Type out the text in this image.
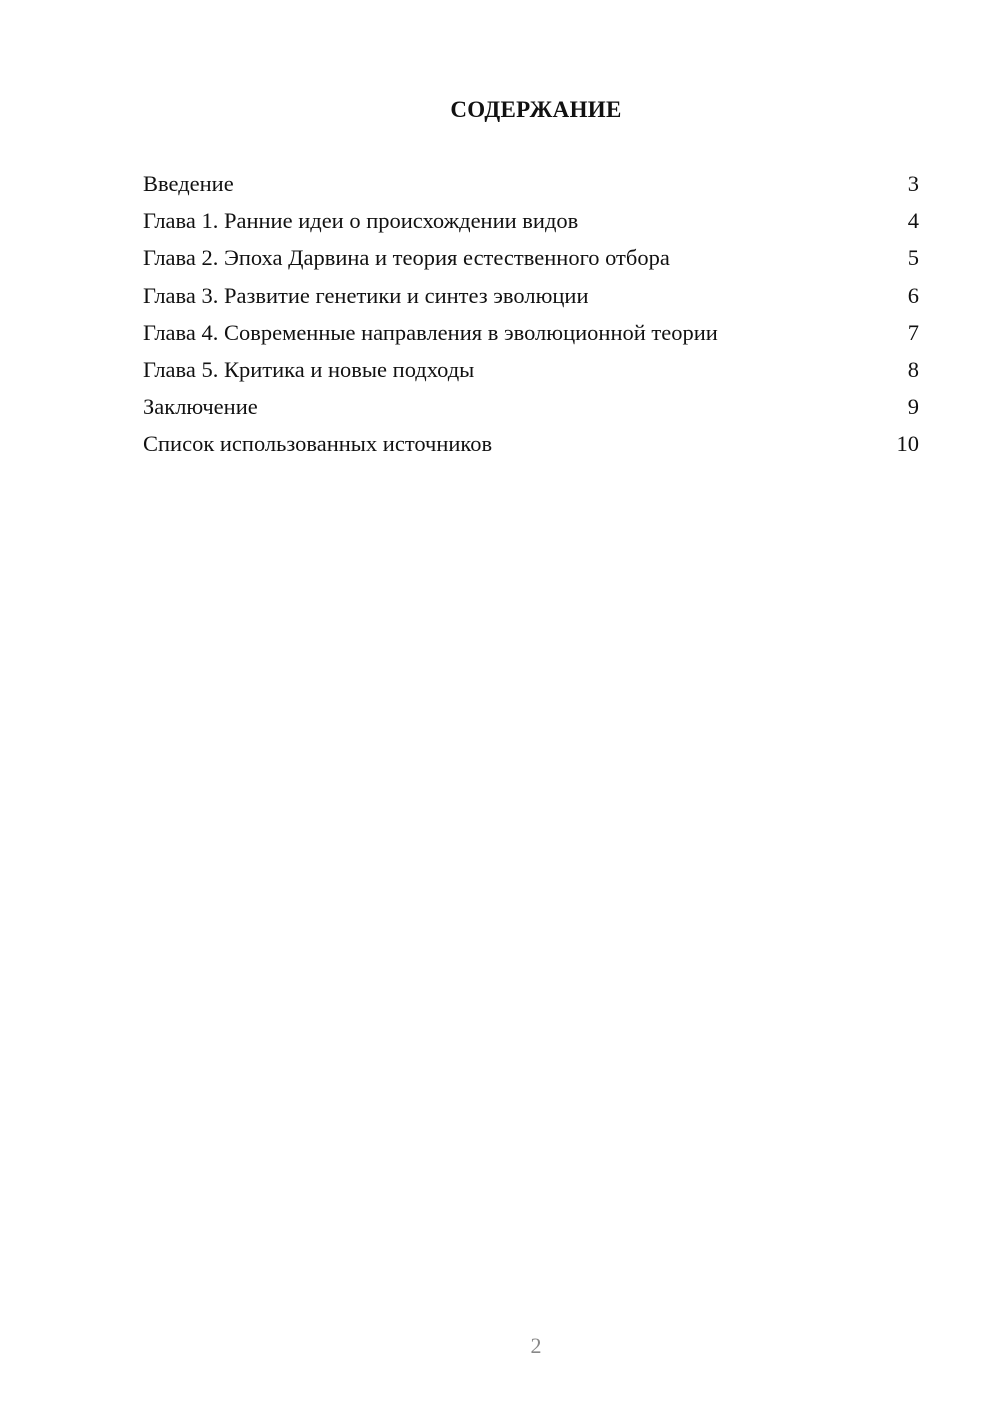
СОДЕРЖАНИЕ
Введение	3
Глава 1. Ранние идеи о происхождении видов	4
Глава 2. Эпоха Дарвина и теория естественного отбора	5
Глава 3. Развитие генетики и синтез эволюции	6
Глава 4. Современные направления в эволюционной теории	7
Глава 5. Критика и новые подходы	8
Заключение	9
Список использованных источников	10
2
